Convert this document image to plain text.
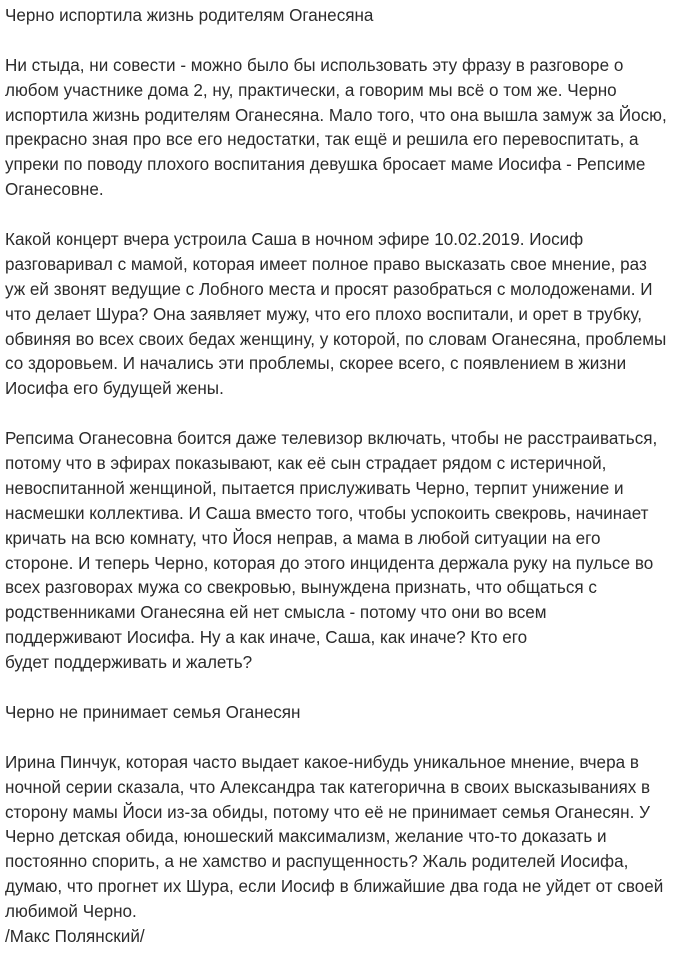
Черно испортила жизнь родителям Оганесяна
Ни стыда, ни совести - можно было бы использовать эту фразу в разговоре о
любом участнике дома 2, ну, практически, а говорим мы всё о том же. Черно
испортила жизнь родителям Оганесяна. Мало того, что она вышла замуж за Йосю,
прекрасно зная про все его недостатки, так ещё и решила его перевоспитать, а
упреки по поводу плохого воспитания девушка бросает маме Иосифа - Репсиме
Оганесовне.
Какой концерт вчера устроила Саша в ночном эфире 10.02.2019. Иосиф
разговаривал с мамой, которая имеет полное право высказать свое мнение, раз
уж ей звонят ведущие с Лобного места и просят разобраться с молодоженами. И
что делает Шура? Она заявляет мужу, что его плохо воспитали, и орет в трубку,
обвиняя во всех своих бедах женщину, у которой, по словам Оганесяна, проблемы
со здоровьем. И начались эти проблемы, скорее всего, с появлением в жизни
Иосифа его будущей жены.
Репсима Оганесовна боится даже телевизор включать, чтобы не расстраиваться,
потому что в эфирах показывают, как её сын страдает рядом с истеричной,
невоспитанной женщиной, пытается прислуживать Черно, терпит унижение и
насмешки коллектива. И Саша вместо того, чтобы успокоить свекровь, начинает
кричать на всю комнату, что Йося неправ, а мама в любой ситуации на его
стороне. И теперь Черно, которая до этого инцидента держала руку на пульсе во
всех разговорах мужа со свекровью, вынуждена признать, что общаться с
родственниками Оганесяна ей нет смысла - потому что они во всем
поддерживают Иосифа. Ну а как иначе, Саша, как иначе? Кто его
будет поддерживать и жалеть?
Черно не принимает семья Оганесян
Ирина Пинчук, которая часто выдает какое-нибудь уникальное мнение, вчера в
ночной серии сказала, что Александра так категорична в своих высказываниях в
сторону мамы Йоси из-за обиды, потому что её не принимает семья Оганесян. У
Черно детская обида, юношеский максимализм, желание что-то доказать и
постоянно спорить, а не хамство и распущенность? Жаль родителей Иосифа,
думаю, что прогнет их Шура, если Иосиф в ближайшие два года не уйдет от своей
любимой Черно.
/Макс Полянский/
